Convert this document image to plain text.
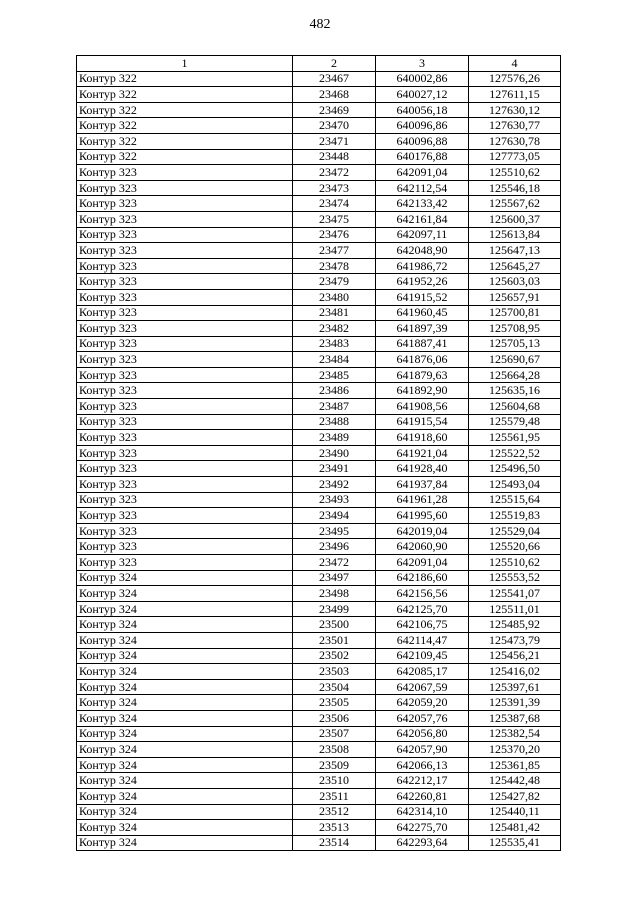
482
1	2	3	4
Контур 322	23467	640002,86	127576,26
Контур 322	23468	640027,12	127611,15
Контур 322	23469	640056,18	127630,12
Контур 322	23470	640096,86	127630,77
Контур 322	23471	640096,88	127630,78
Контур 322	23448	640176,88	127773,05
Контур 323	23472	642091,04	125510,62
Контур 323	23473	642112,54	125546,18
Контур 323	23474	642133,42	125567,62
Контур 323	23475	642161,84	125600,37
Контур 323	23476	642097,11	125613,84
Контур 323	23477	642048,90	125647,13
Контур 323	23478	641986,72	125645,27
Контур 323	23479	641952,26	125603,03
Контур 323	23480	641915,52	125657,91
Контур 323	23481	641960,45	125700,81
Контур 323	23482	641897,39	125708,95
Контур 323	23483	641887,41	125705,13
Контур 323	23484	641876,06	125690,67
Контур 323	23485	641879,63	125664,28
Контур 323	23486	641892,90	125635,16
Контур 323	23487	641908,56	125604,68
Контур 323	23488	641915,54	125579,48
Контур 323	23489	641918,60	125561,95
Контур 323	23490	641921,04	125522,52
Контур 323	23491	641928,40	125496,50
Контур 323	23492	641937,84	125493,04
Контур 323	23493	641961,28	125515,64
Контур 323	23494	641995,60	125519,83
Контур 323	23495	642019,04	125529,04
Контур 323	23496	642060,90	125520,66
Контур 323	23472	642091,04	125510,62
Контур 324	23497	642186,60	125553,52
Контур 324	23498	642156,56	125541,07
Контур 324	23499	642125,70	125511,01
Контур 324	23500	642106,75	125485,92
Контур 324	23501	642114,47	125473,79
Контур 324	23502	642109,45	125456,21
Контур 324	23503	642085,17	125416,02
Контур 324	23504	642067,59	125397,61
Контур 324	23505	642059,20	125391,39
Контур 324	23506	642057,76	125387,68
Контур 324	23507	642056,80	125382,54
Контур 324	23508	642057,90	125370,20
Контур 324	23509	642066,13	125361,85
Контур 324	23510	642212,17	125442,48
Контур 324	23511	642260,81	125427,82
Контур 324	23512	642314,10	125440,11
Контур 324	23513	642275,70	125481,42
Контур 324	23514	642293,64	125535,41
